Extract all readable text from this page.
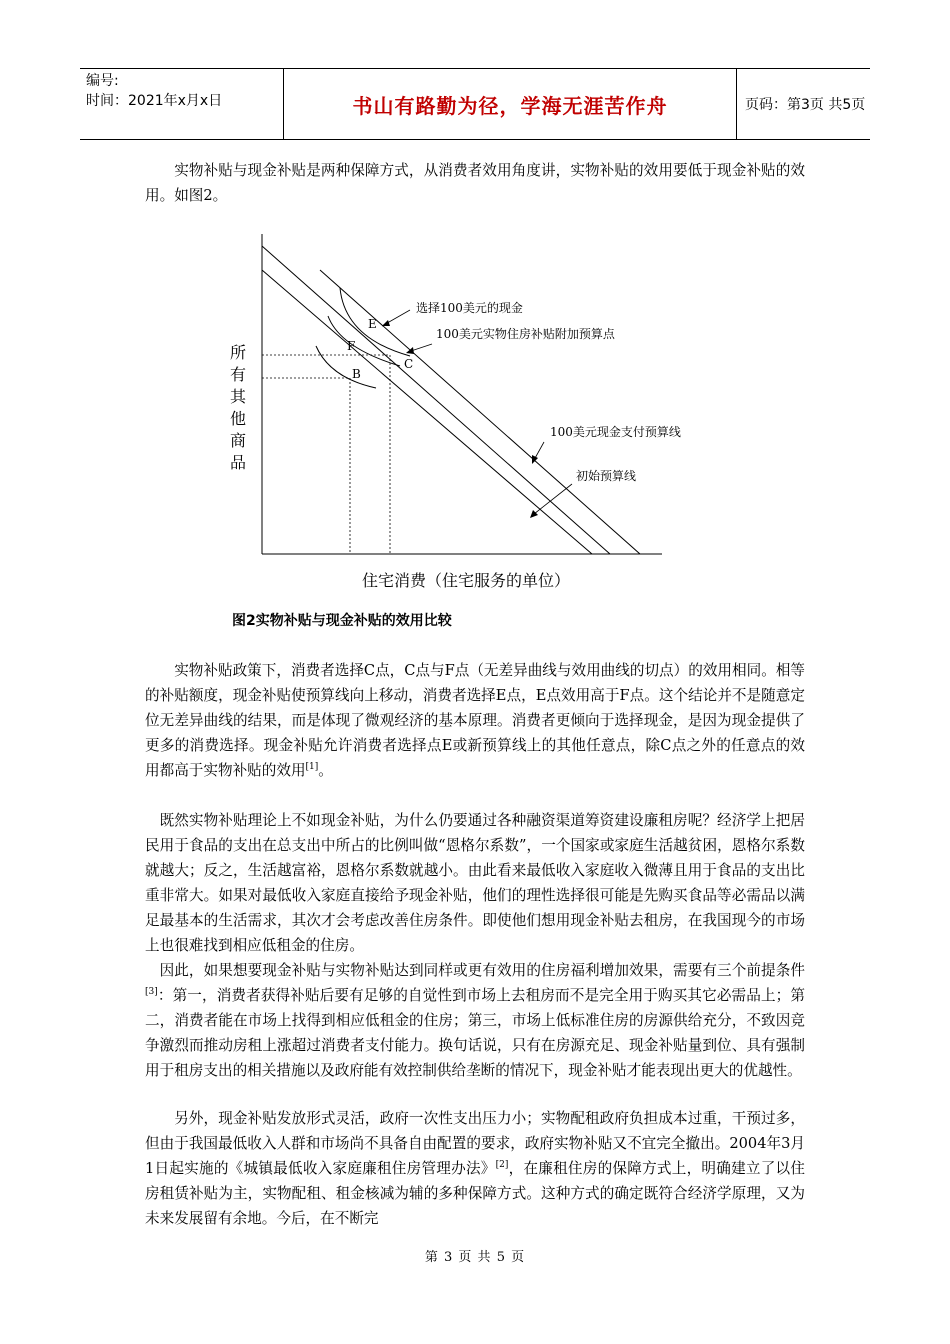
编号:
时间：2021年x月x日	书山有路勤为径，学海无涯苦作舟	页码：第3页 共5页
实物补贴与现金补贴是两种保障方式，从消费者效用角度讲，实物补贴的效用要低于现金补贴的效用。如图2。
E
F
B
C
选择100美元的现金
100美元实物住房补贴附加预算点
100美元现金支付预算线
初始预算线
所
有
其
他
商
品
住宅消费（住宅服务的单位）
图2实物补贴与现金补贴的效用比较
实物补贴政策下，消费者选择C点，C点与F点（无差异曲线与效用曲线的切点）的效用相同。相等的补贴额度，现金补贴使预算线向上移动，消费者选择E点，E点效用高于F点。这个结论并不是随意定位无差异曲线的结果，而是体现了微观经济的基本原理。消费者更倾向于选择现金，是因为现金提供了更多的消费选择。现金补贴允许消费者选择点E或新预算线上的其他任意点，除C点之外的任意点的效用都高于实物补贴的效用[1]。
既然实物补贴理论上不如现金补贴，为什么仍要通过各种融资渠道筹资建设廉租房呢？经济学上把居民用于食品的支出在总支出中所占的比例叫做“恩格尔系数”，一个国家或家庭生活越贫困，恩格尔系数就越大；反之，生活越富裕，恩格尔系数就越小。由此看来最低收入家庭收入微薄且用于食品的支出比重非常大。如果对最低收入家庭直接给予现金补贴，他们的理性选择很可能是先购买食品等必需品以满足最基本的生活需求，其次才会考虑改善住房条件。即使他们想用现金补贴去租房，在我国现今的市场上也很难找到相应低租金的住房。
因此，如果想要现金补贴与实物补贴达到同样或更有效用的住房福利增加效果，需要有三个前提条件[3]：第一，消费者获得补贴后要有足够的自觉性到市场上去租房而不是完全用于购买其它必需品上；第二，消费者能在市场上找得到相应低租金的住房；第三，市场上低标准住房的房源供给充分，不致因竞争激烈而推动房租上涨超过消费者支付能力。换句话说，只有在房源充足、现金补贴量到位、具有强制用于租房支出的相关措施以及政府能有效控制供给垄断的情况下，现金补贴才能表现出更大的优越性。
另外，现金补贴发放形式灵活，政府一次性支出压力小；实物配租政府负担成本过重，干预过多，但由于我国最低收入人群和市场尚不具备自由配置的要求，政府实物补贴又不宜完全撤出。2004年3月1日起实施的《城镇最低收入家庭廉租住房管理办法》[2]，在廉租住房的保障方式上，明确建立了以住房租赁补贴为主，实物配租、租金核减为辅的多种保障方式。这种方式的确定既符合经济学原理，又为未来发展留有余地。今后，在不断完
第 3 页 共 5 页
